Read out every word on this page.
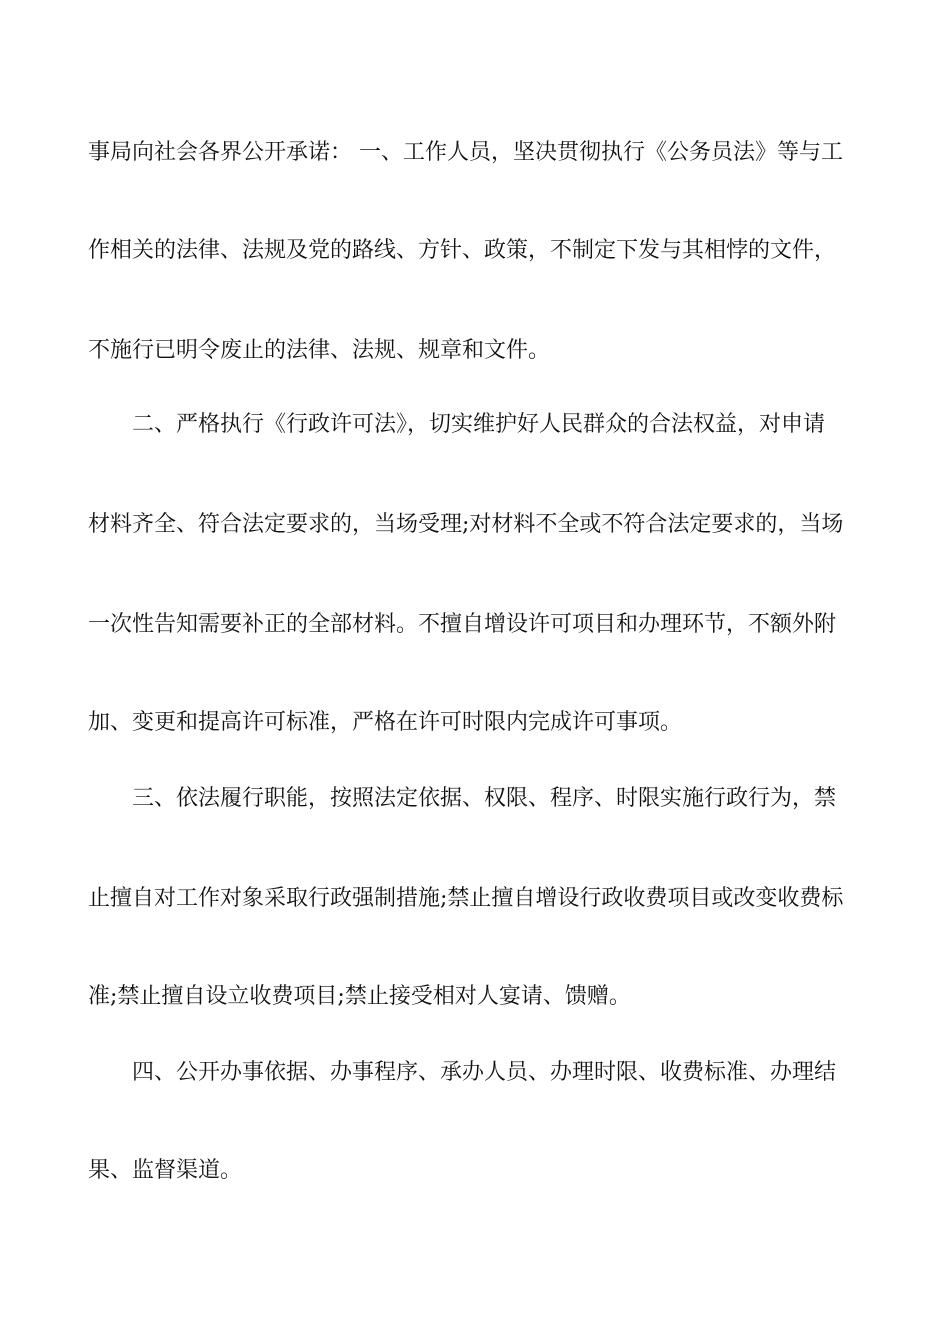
事局向社会各界公开承诺： 一、工作人员，坚决贯彻执行《公务员法》等与工
作相关的法律、法规及党的路线、方针、政策，不制定下发与其相悖的文件，
不施行已明令废止的法律、法规、规章和文件。
二、严格执行《行政许可法》，切实维护好人民群众的合法权益，对申请
材料齐全、符合法定要求的，当场受理;对材料不全或不符合法定要求的，当场
一次性告知需要补正的全部材料。不擅自增设许可项目和办理环节，不额外附
加、变更和提高许可标准，严格在许可时限内完成许可事项。
三、依法履行职能，按照法定依据、权限、程序、时限实施行政行为，禁
止擅自对工作对象采取行政强制措施;禁止擅自增设行政收费项目或改变收费标
准;禁止擅自设立收费项目;禁止接受相对人宴请、馈赠。
四、公开办事依据、办事程序、承办人员、办理时限、收费标准、办理结
果、监督渠道。
